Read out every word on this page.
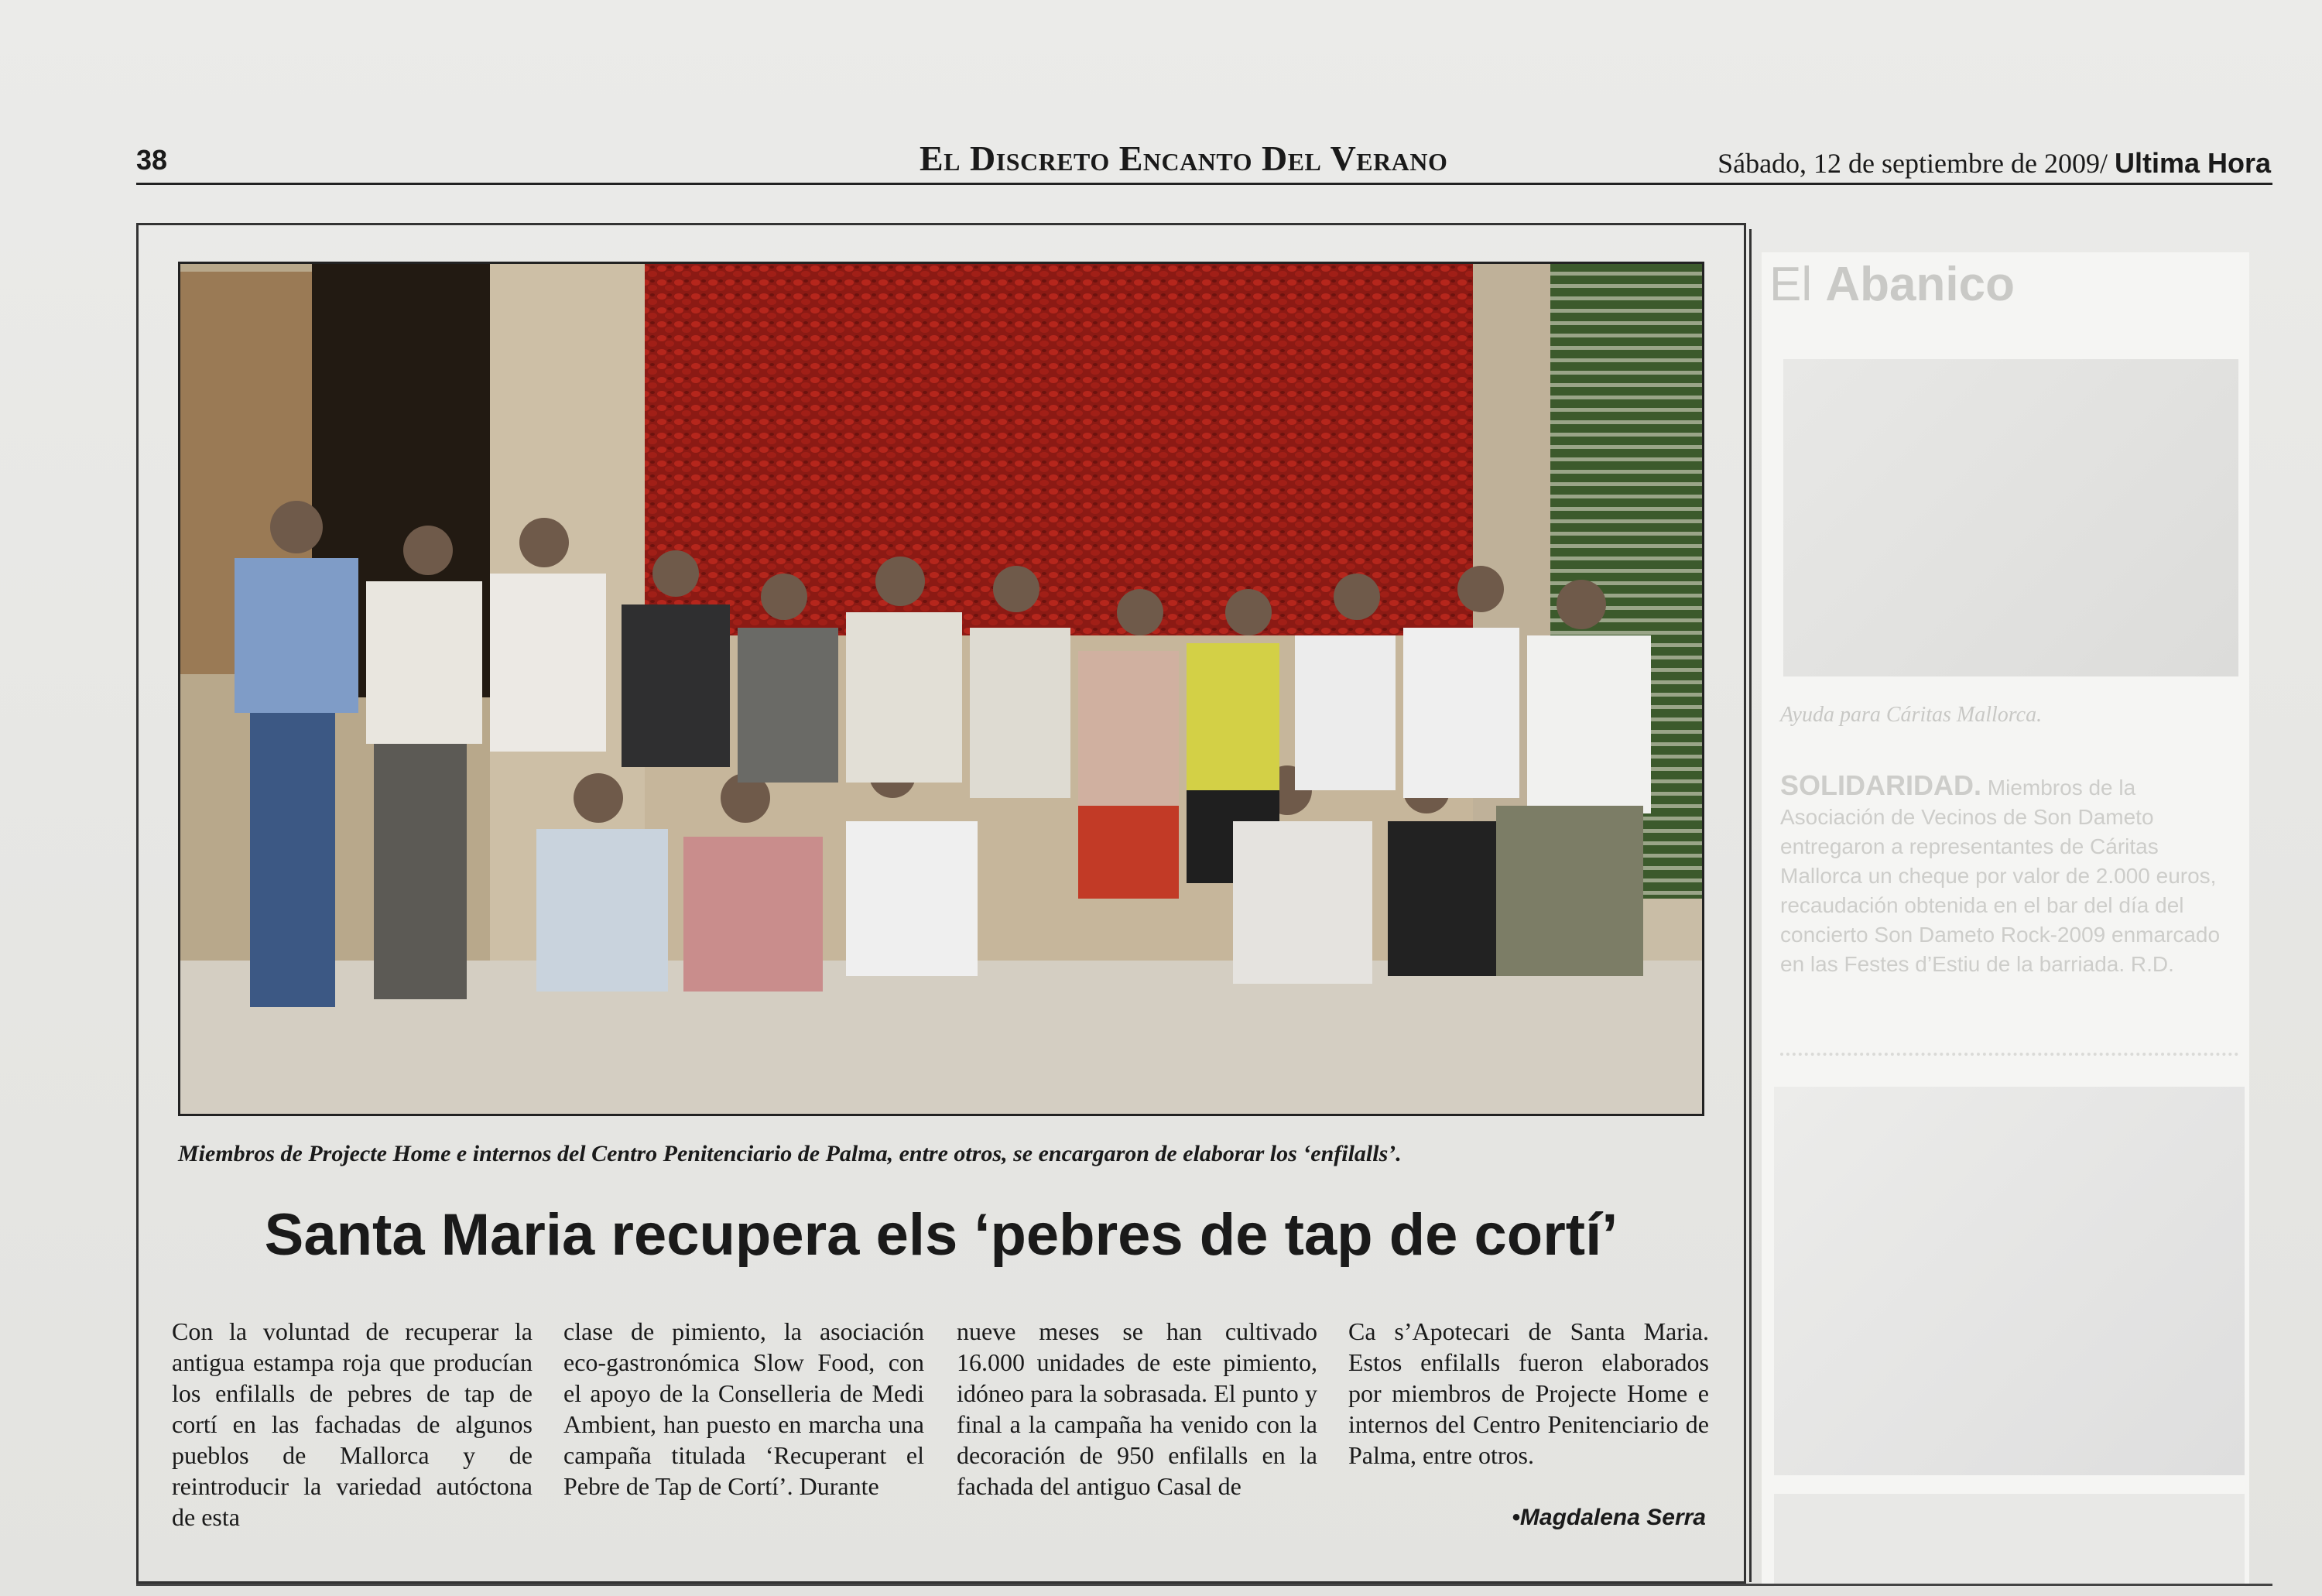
38	El Discreto Encanto Del Verano	Sábado, 12 de septiembre de 2009/ Ultima Hora
Miembros de Projecte Home e internos del Centro Penitenciario de Palma, entre otros, se encargaron de elaborar los ‘enfilalls’.
Santa Maria recupera els ‘pebres de tap de cortí’

Con la voluntad de recuperar la antigua estampa roja que producían los enfilalls de pebres de tap de cortí en las fachadas de algunos pueblos de Mallorca y de reintroducir la variedad autóctona de esta

clase de pimiento, la asociación eco-gastronómica Slow Food, con el apoyo de la Conselleria de Medi Ambient, han puesto en marcha una campaña titulada ‘Recuperant el Pebre de Tap de Cortí’. Durante

nueve meses se han cultivado 16.000 unidades de este pimiento, idóneo para la sobrasada. El punto y final a la campaña ha venido con la decoración de 950 enfilalls en la fachada del antiguo Casal de

Ca s’Apotecari de Santa Maria. Estos enfilalls fueron elaborados por miembros de Projecte Home e internos del Centro Penitenciario de Palma, entre otros.

•Magdalena Serra
El Abanico
Ayuda para Cáritas Mallorca.
SOLIDARIDAD. Miembros de la Asociación de Vecinos de Son Dameto entregaron a representantes de Cáritas Mallorca un cheque por valor de 2.000 euros, recaudación obtenida en el bar del día del concierto Son Dameto Rock-2009 enmarcado en las Festes d’Estiu de la barriada. R.D.
